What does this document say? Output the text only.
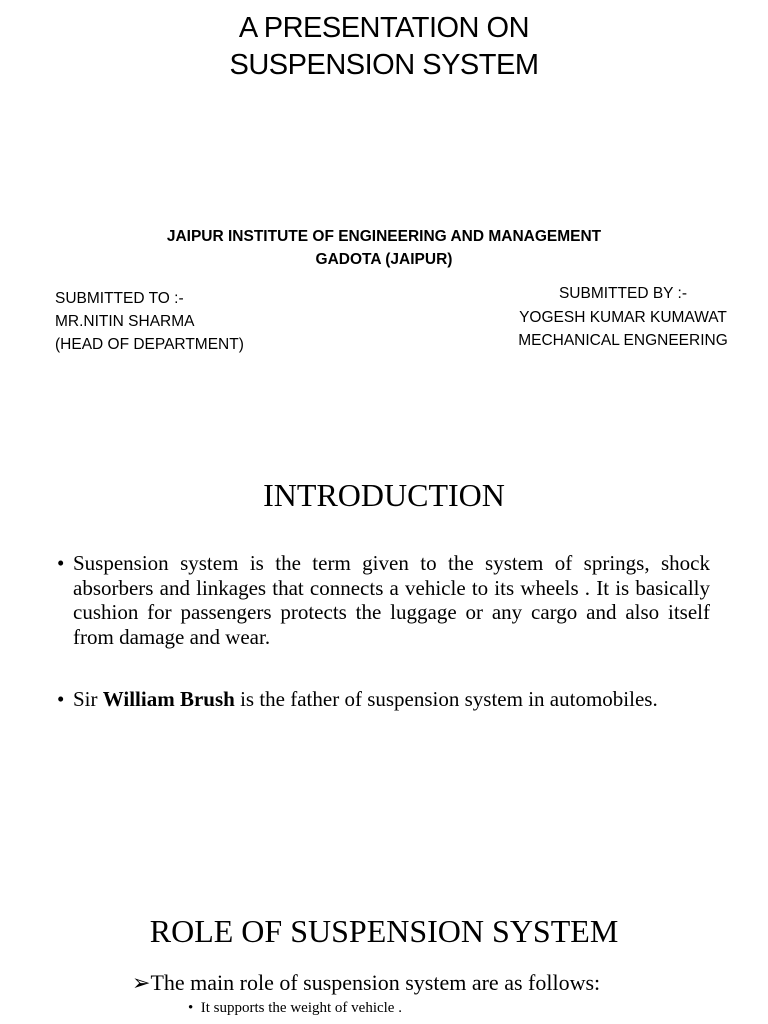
A PRESENTATION ON
SUSPENSION SYSTEM
JAIPUR INSTITUTE OF ENGINEERING AND MANAGEMENT
GADOTA (JAIPUR)
SUBMITTED TO :-
MR.NITIN SHARMA
(HEAD OF DEPARTMENT)
SUBMITTED BY :-
YOGESH KUMAR KUMAWAT
MECHANICAL ENGNEERING
INTRODUCTION
• Suspension system is the term given to the system of springs, shock absorbers and linkages that connects a vehicle to its wheels . It is basically cushion for passengers protects the luggage or any cargo and also itself from damage and wear.
• Sir William Brush is the father of suspension system in automobiles.
ROLE OF SUSPENSION SYSTEM
➢The main role of suspension system are as follows:
• It supports the weight of vehicle .
